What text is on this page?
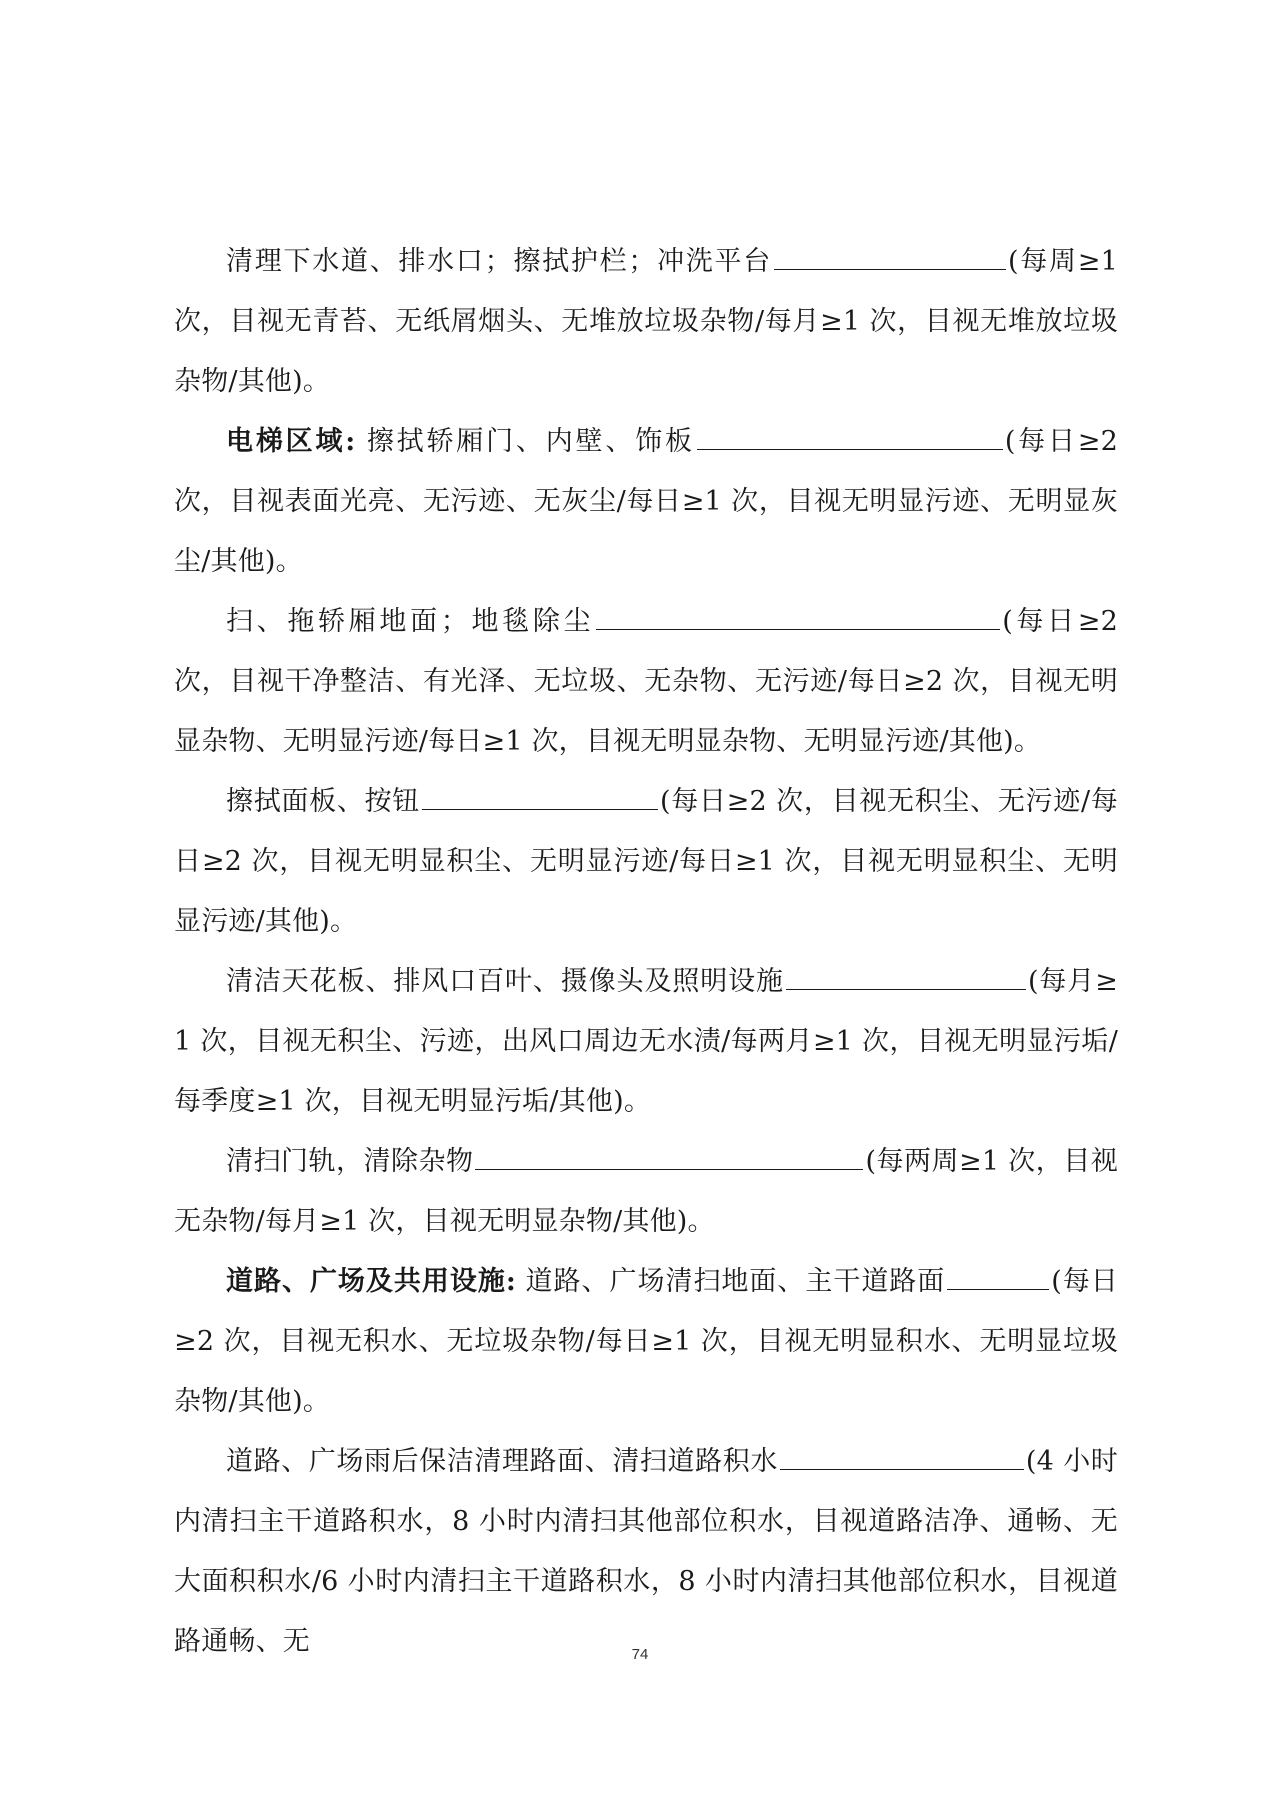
清理下水道、排水口；擦拭护栏；冲洗平台	(每周≥1 次，目视无青苔、无纸屑烟头、无堆放垃圾杂物/每月≥1 次，目视无堆放垃圾杂物/其他)。

电梯区域: 擦拭轿厢门、内壁、饰板	(每日≥2 次，目视表面光亮、无污迹、无灰尘/每日≥1 次，目视无明显污迹、无明显灰尘/其他)。

扫、拖轿厢地面；地毯除尘	(每日≥2 次，目视干净整洁、有光泽、无垃圾、无杂物、无污迹/每日≥2 次，目视无明显杂物、无明显污迹/每日≥1 次，目视无明显杂物、无明显污迹/其他)。

擦拭面板、按钮	(每日≥2 次，目视无积尘、无污迹/每日≥2 次，目视无明显积尘、无明显污迹/每日≥1 次，目视无明显积尘、无明显污迹/其他)。

清洁天花板、排风口百叶、摄像头及照明设施	(每月≥1 次，目视无积尘、污迹，出风口周边无水渍/每两月≥1 次，目视无明显污垢/每季度≥1 次，目视无明显污垢/其他)。

清扫门轨，清除杂物	(每两周≥1 次，目视无杂物/每月≥1 次，目视无明显杂物/其他)。

道路、广场及共用设施: 道路、广场清扫地面、主干道路面	(每日≥2 次，目视无积水、无垃圾杂物/每日≥1 次，目视无明显积水、无明显垃圾杂物/其他)。

道路、广场雨后保洁清理路面、清扫道路积水	(4 小时内清扫主干道路积水，8 小时内清扫其他部位积水，目视道路洁净、通畅、无大面积积水/6 小时内清扫主干道路积水，8 小时内清扫其他部位积水，目视道路通畅、无	74
